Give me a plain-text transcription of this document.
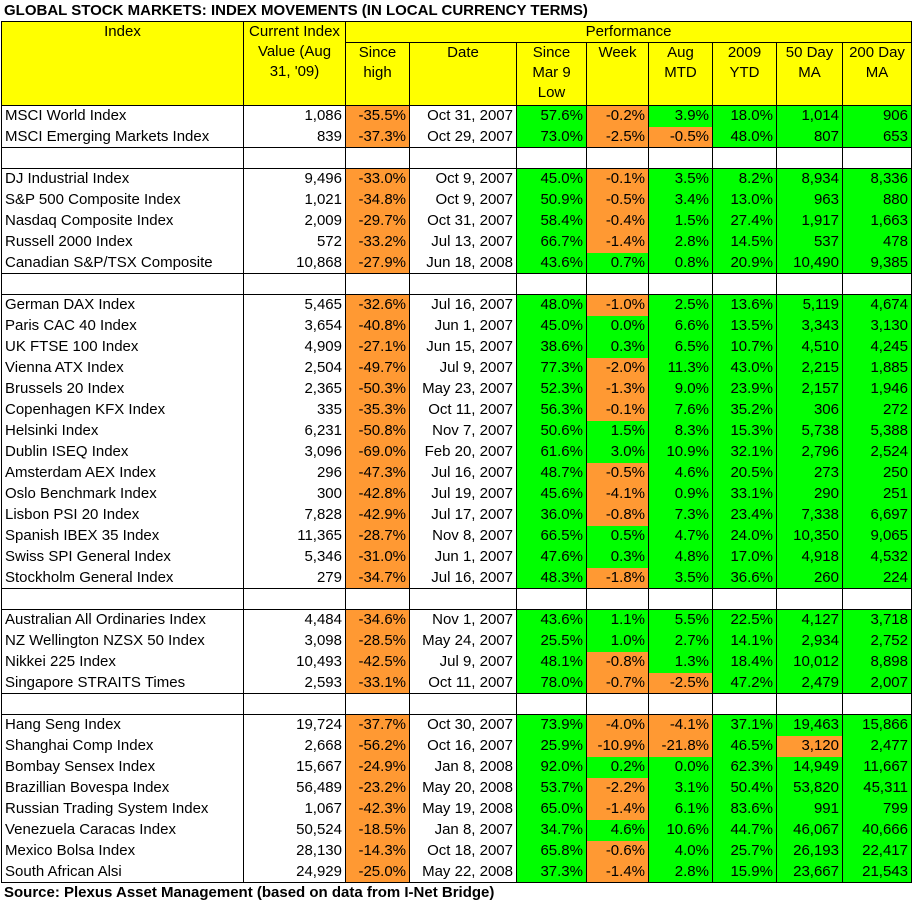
GLOBAL STOCK MARKETS: INDEX MOVEMENTS (IN LOCAL CURRENCY TERMS)
Index	Current Index Value (Aug 31, '09)	Performance							
		Since high	Date	Since Mar 9 Low	Week	Aug MTD	2009 YTD	50 Day MA	200 Day MA
MSCI World Index	1,086	-35.5%	Oct 31, 2007	57.6%	-0.2%	3.9%	18.0%	1,014	906
MSCI Emerging Markets Index	839	-37.3%	Oct 29, 2007	73.0%	-2.5%	-0.5%	48.0%	807	653

DJ Industrial Index	9,496	-33.0%	Oct 9, 2007	45.0%	-0.1%	3.5%	8.2%	8,934	8,336
S&P 500 Composite Index	1,021	-34.8%	Oct 9, 2007	50.9%	-0.5%	3.4%	13.0%	963	880
Nasdaq Composite Index	2,009	-29.7%	Oct 31, 2007	58.4%	-0.4%	1.5%	27.4%	1,917	1,663
Russell 2000 Index	572	-33.2%	Jul 13, 2007	66.7%	-1.4%	2.8%	14.5%	537	478
Canadian S&P/TSX Composite	10,868	-27.9%	Jun 18, 2008	43.6%	0.7%	0.8%	20.9%	10,490	9,385

German DAX Index	5,465	-32.6%	Jul 16, 2007	48.0%	-1.0%	2.5%	13.6%	5,119	4,674
Paris CAC 40 Index	3,654	-40.8%	Jun 1, 2007	45.0%	0.0%	6.6%	13.5%	3,343	3,130
UK FTSE 100 Index	4,909	-27.1%	Jun 15, 2007	38.6%	0.3%	6.5%	10.7%	4,510	4,245
Vienna ATX Index	2,504	-49.7%	Jul 9, 2007	77.3%	-2.0%	11.3%	43.0%	2,215	1,885
Brussels 20 Index	2,365	-50.3%	May 23, 2007	52.3%	-1.3%	9.0%	23.9%	2,157	1,946
Copenhagen KFX Index	335	-35.3%	Oct 11, 2007	56.3%	-0.1%	7.6%	35.2%	306	272
Helsinki Index	6,231	-50.8%	Nov 7, 2007	50.6%	1.5%	8.3%	15.3%	5,738	5,388
Dublin ISEQ Index	3,096	-69.0%	Feb 20, 2007	61.6%	3.0%	10.9%	32.1%	2,796	2,524
Amsterdam AEX Index	296	-47.3%	Jul 16, 2007	48.7%	-0.5%	4.6%	20.5%	273	250
Oslo Benchmark Index	300	-42.8%	Jul 19, 2007	45.6%	-4.1%	0.9%	33.1%	290	251
Lisbon PSI 20 Index	7,828	-42.9%	Jul 17, 2007	36.0%	-0.8%	7.3%	23.4%	7,338	6,697
Spanish IBEX 35 Index	11,365	-28.7%	Nov 8, 2007	66.5%	0.5%	4.7%	24.0%	10,350	9,065
Swiss SPI General Index	5,346	-31.0%	Jun 1, 2007	47.6%	0.3%	4.8%	17.0%	4,918	4,532
Stockholm General Index	279	-34.7%	Jul 16, 2007	48.3%	-1.8%	3.5%	36.6%	260	224

Australian All Ordinaries Index	4,484	-34.6%	Nov 1, 2007	43.6%	1.1%	5.5%	22.5%	4,127	3,718
NZ Wellington NZSX 50 Index	3,098	-28.5%	May 24, 2007	25.5%	1.0%	2.7%	14.1%	2,934	2,752
Nikkei 225 Index	10,493	-42.5%	Jul 9, 2007	48.1%	-0.8%	1.3%	18.4%	10,012	8,898
Singapore STRAITS Times	2,593	-33.1%	Oct 11, 2007	78.0%	-0.7%	-2.5%	47.2%	2,479	2,007

Hang Seng Index	19,724	-37.7%	Oct 30, 2007	73.9%	-4.0%	-4.1%	37.1%	19,463	15,866
Shanghai Comp Index	2,668	-56.2%	Oct 16, 2007	25.9%	-10.9%	-21.8%	46.5%	3,120	2,477
Bombay Sensex Index	15,667	-24.9%	Jan 8, 2008	92.0%	0.2%	0.0%	62.3%	14,949	11,667
Brazillian Bovespa Index	56,489	-23.2%	May 20, 2008	53.7%	-2.2%	3.1%	50.4%	53,820	45,311
Russian Trading System Index	1,067	-42.3%	May 19, 2008	65.0%	-1.4%	6.1%	83.6%	991	799
Venezuela Caracas Index	50,524	-18.5%	Jan 8, 2007	34.7%	4.6%	10.6%	44.7%	46,067	40,666
Mexico Bolsa Index	28,130	-14.3%	Oct 18, 2007	65.8%	-0.6%	4.0%	25.7%	26,193	22,417
South African Alsi	24,929	-25.0%	May 22, 2008	37.3%	-1.4%	2.8%	15.9%	23,667	21,543
Source: Plexus Asset Management (based on data from I-Net Bridge)
